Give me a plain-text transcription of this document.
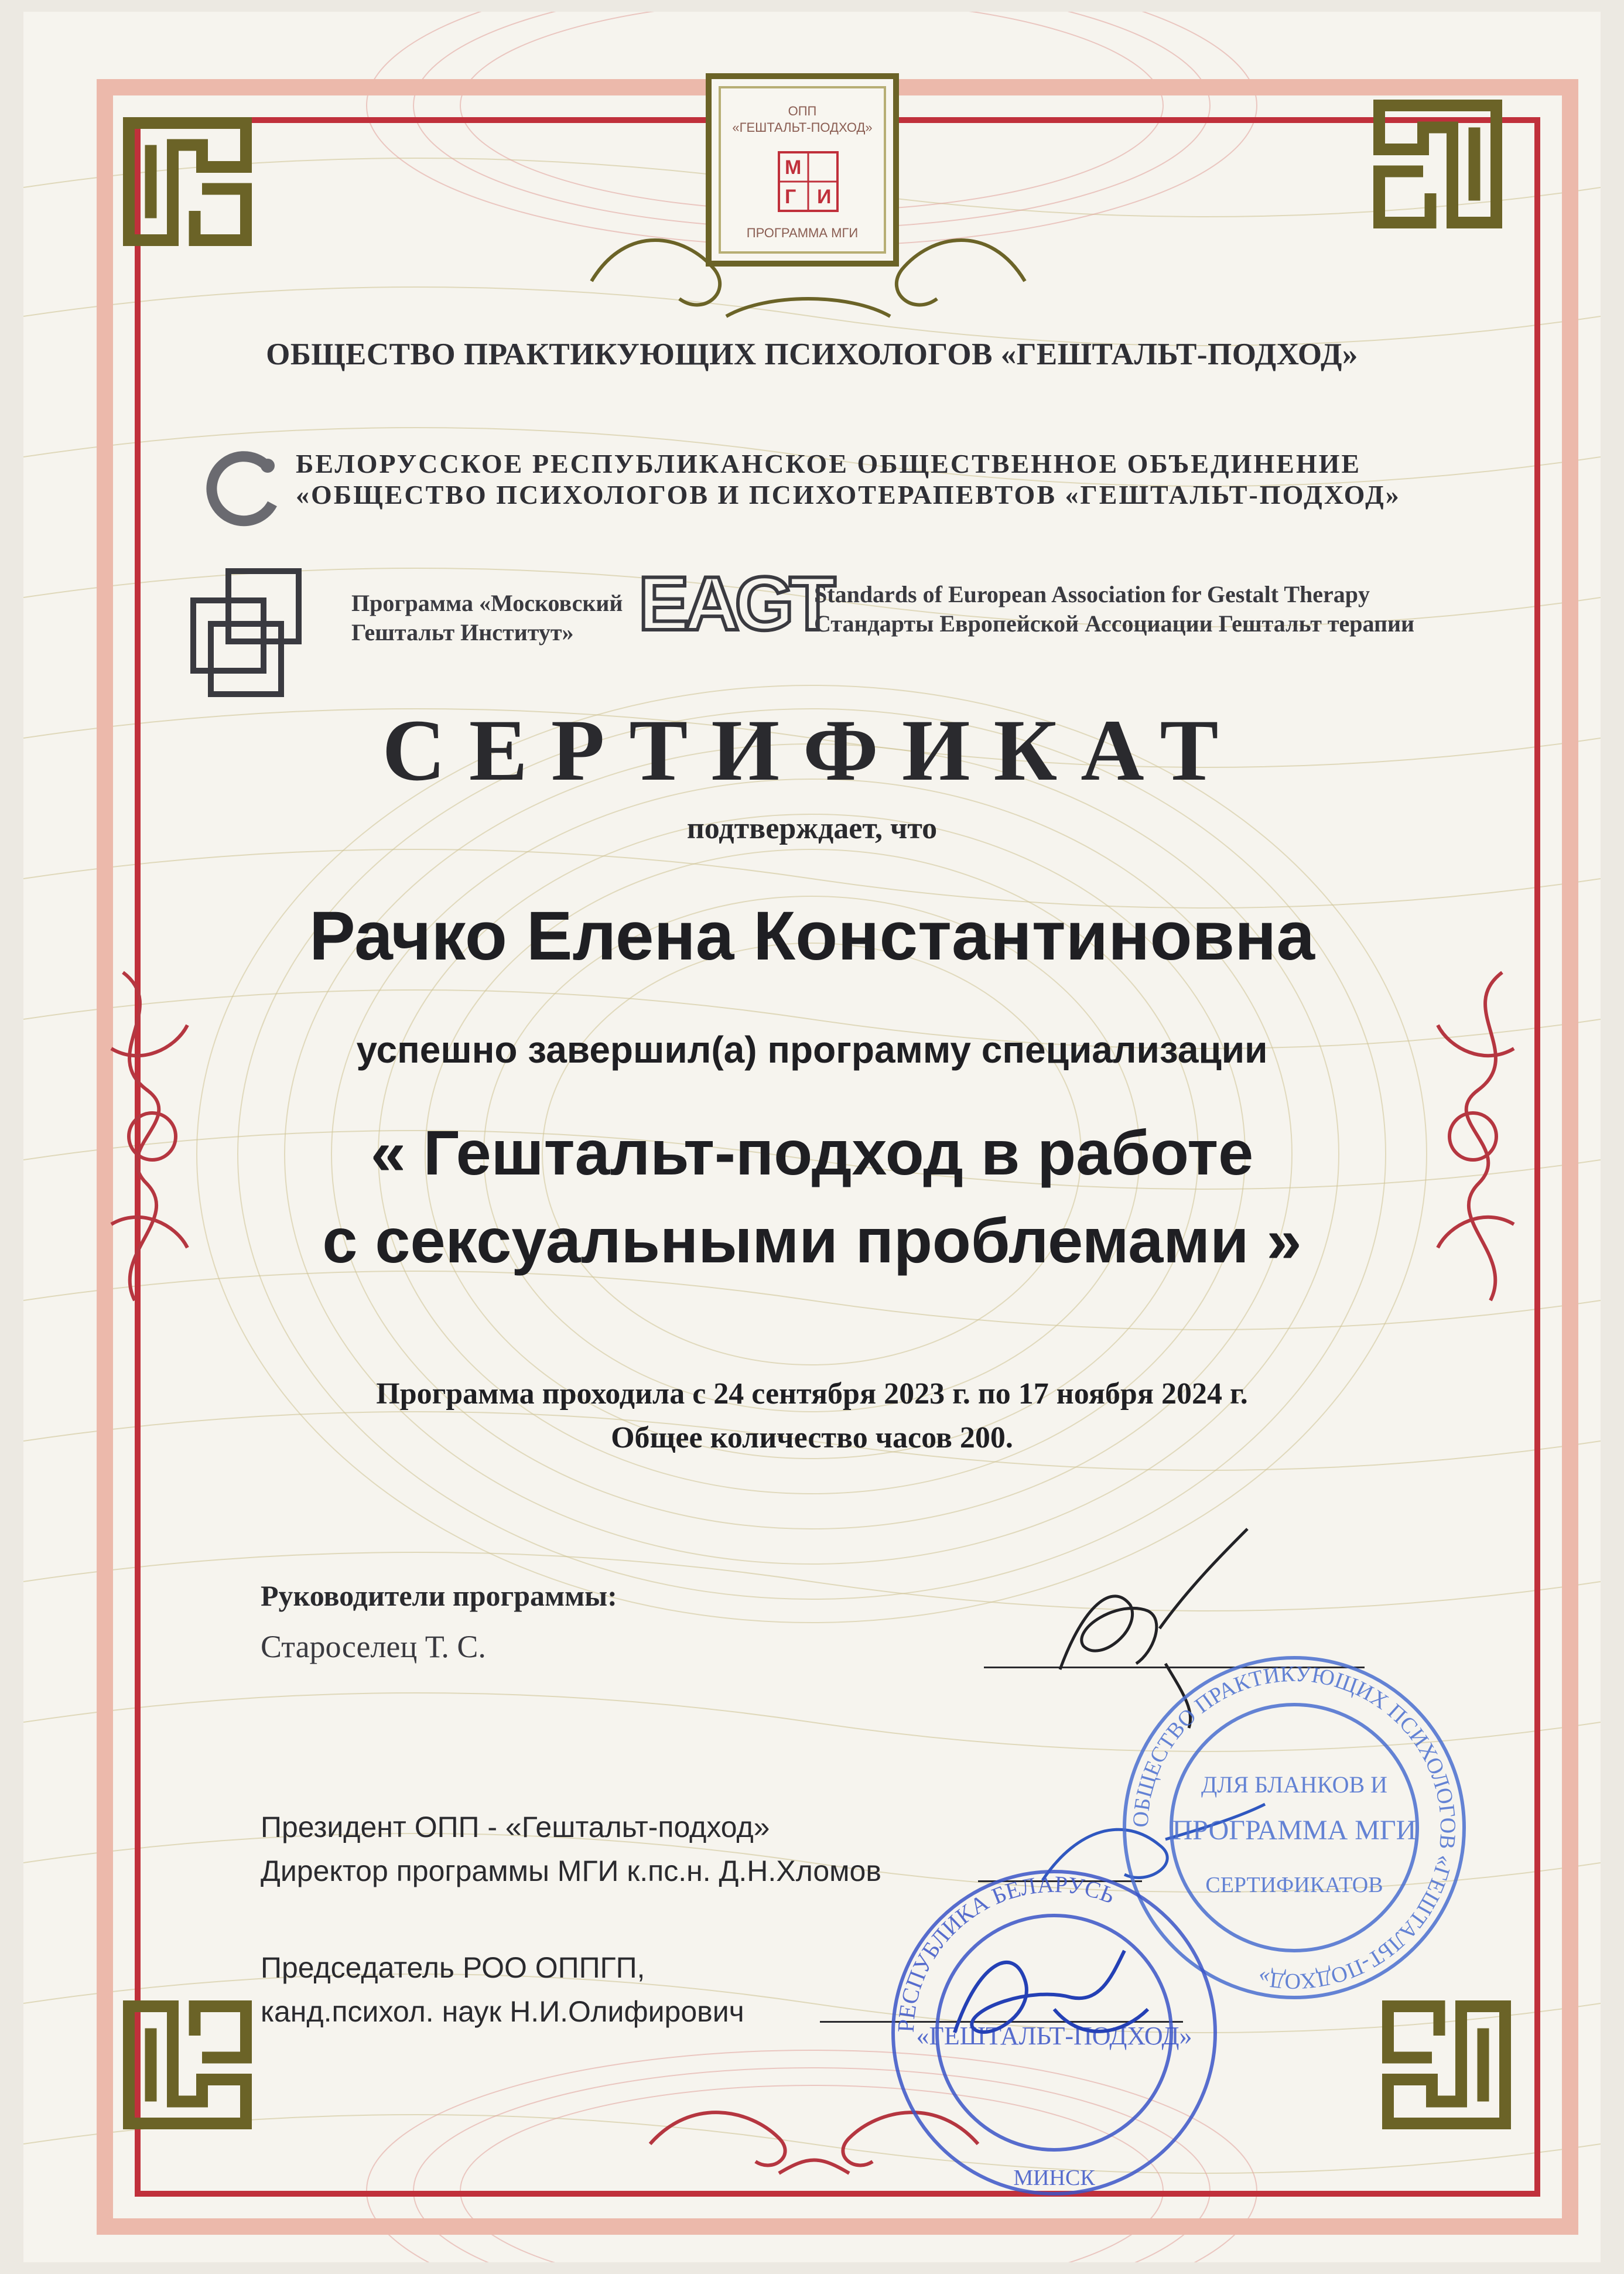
ОПП
«ГЕШТАЛЬТ-ПОДХОД»
М
И
Г
ПРОГРАММА МГИ
ОБЩЕСТВО ПРАКТИКУЮЩИХ ПСИХОЛОГОВ «ГЕШТАЛЬТ-ПОДХОД»
БЕЛОРУССКОЕ РЕСПУБЛИКАНСКОЕ ОБЩЕСТВЕННОЕ ОБЪЕДИНЕНИЕ
«ОБЩЕСТВО ПСИХОЛОГОВ И ПСИХОТЕРАПЕВТОВ «ГЕШТАЛЬТ-ПОДХОД»
Программа «Московский
Гештальт Институт» EAGT
Standards of European Association for Gestalt Therapy
Стандарты Европейской Ассоциации Гештальт терапии
СЕРТИФИКАТ
подтверждает, что
Рачко Елена Константиновна
успешно завершил(а) программу специализации
« Гештальт-подход в работе
с сексуальными проблемами »
Программа проходила с 24 сентября 2023 г. по 17 ноября 2024 г.
Общее количество часов 200.
Руководители программы:
Староселец Т. С.
Президент ОПП - «Гештальт-подход»
Директор программы МГИ к.пс.н. Д.Н.Хломов
Председатель РОО ОППГП,
канд.психол. наук Н.И.Олифирович
ОБЩЕСТВО ПРАКТИКУЮЩИХ ПСИХОЛОГОВ «ГЕШТАЛЬТ-ПОДХОД»
ДЛЯ БЛАНКОВ И
ПРОГРАММА МГИ
СЕРТИФИКАТОВ
РЕСПУБЛИКА БЕЛАРУСЬ
«ГЕШТАЛЬТ-ПОДХОД»
МИНСК
